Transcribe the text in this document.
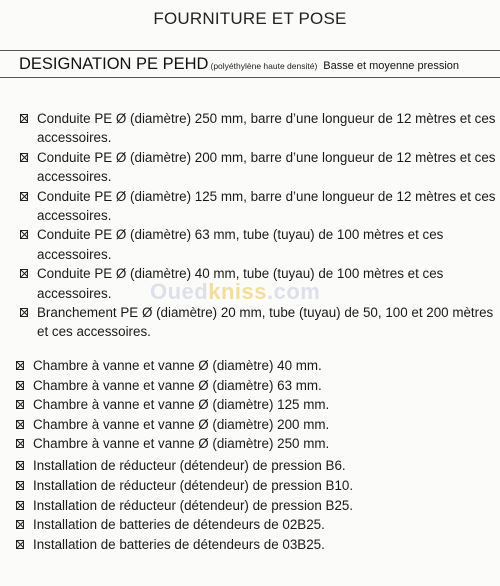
FOURNITURE ET POSE
DESIGNATION PE PEHD (polyéthylène haute densité) Basse et moyenne pression
Ouedkniss.com
Conduite PE Ø (diamètre) 250 mm, barre d’une longueur de 12 mètres et ces accessoires.
Conduite PE Ø (diamètre) 200 mm, barre d’une longueur de 12 mètres et ces accessoires.
Conduite PE Ø (diamètre) 125 mm, barre d’une longueur de 12 mètres et ces accessoires.
Conduite PE Ø (diamètre) 63 mm, tube (tuyau) de 100 mètres et ces accessoires.
Conduite PE Ø (diamètre) 40 mm, tube (tuyau) de 100 mètres et ces accessoires.
Branchement PE Ø (diamètre) 20 mm, tube (tuyau) de 50, 100 et 200 mètres et ces accessoires.
Chambre à vanne et vanne Ø (diamètre) 40 mm.
Chambre à vanne et vanne Ø (diamètre) 63 mm.
Chambre à vanne et vanne Ø (diamètre) 125 mm.
Chambre à vanne et vanne Ø (diamètre) 200 mm.
Chambre à vanne et vanne Ø (diamètre) 250 mm.
Installation de réducteur (détendeur) de pression B6.
Installation de réducteur (détendeur) de pression B10.
Installation de réducteur (détendeur) de pression B25.
Installation de batteries de détendeurs de 02B25.
Installation de batteries de détendeurs de 03B25.
